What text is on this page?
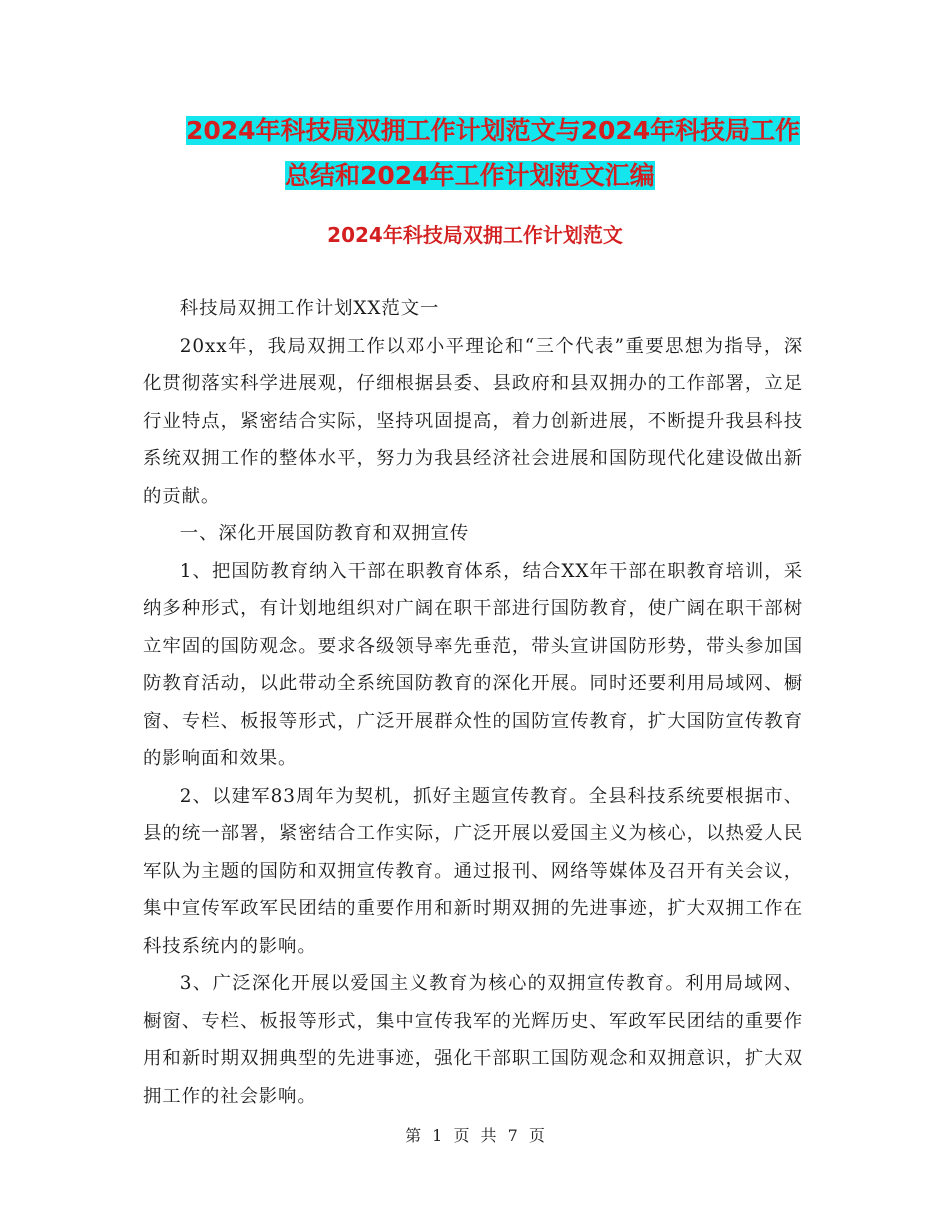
2024年科技局双拥工作计划范文与2024年科技局工作
总结和2024年工作计划范文汇编
2024年科技局双拥工作计划范文

科技局双拥工作计划XX范文一

20xx年，我局双拥工作以邓小平理论和“三个代表”重要思想为指导，深化贯彻落实科学进展观，仔细根据县委、县政府和县双拥办的工作部署，立足行业特点，紧密结合实际，坚持巩固提高，着力创新进展，不断提升我县科技系统双拥工作的整体水平，努力为我县经济社会进展和国防现代化建设做出新的贡献。

一、深化开展国防教育和双拥宣传

1、把国防教育纳入干部在职教育体系，结合XX年干部在职教育培训，采纳多种形式，有计划地组织对广阔在职干部进行国防教育，使广阔在职干部树立牢固的国防观念。要求各级领导率先垂范，带头宣讲国防形势，带头参加国防教育活动，以此带动全系统国防教育的深化开展。同时还要利用局域网、橱窗、专栏、板报等形式，广泛开展群众性的国防宣传教育，扩大国防宣传教育的影响面和效果。

2、以建军83周年为契机，抓好主题宣传教育。全县科技系统要根据市、县的统一部署，紧密结合工作实际，广泛开展以爱国主义为核心，以热爱人民军队为主题的国防和双拥宣传教育。通过报刊、网络等媒体及召开有关会议，集中宣传军政军民团结的重要作用和新时期双拥的先进事迹，扩大双拥工作在科技系统内的影响。

3、广泛深化开展以爱国主义教育为核心的双拥宣传教育。利用局域网、橱窗、专栏、板报等形式，集中宣传我军的光辉历史、军政军民团结的重要作用和新时期双拥典型的先进事迹，强化干部职工国防观念和双拥意识，扩大双拥工作的社会影响。

第 1 页 共 7 页
